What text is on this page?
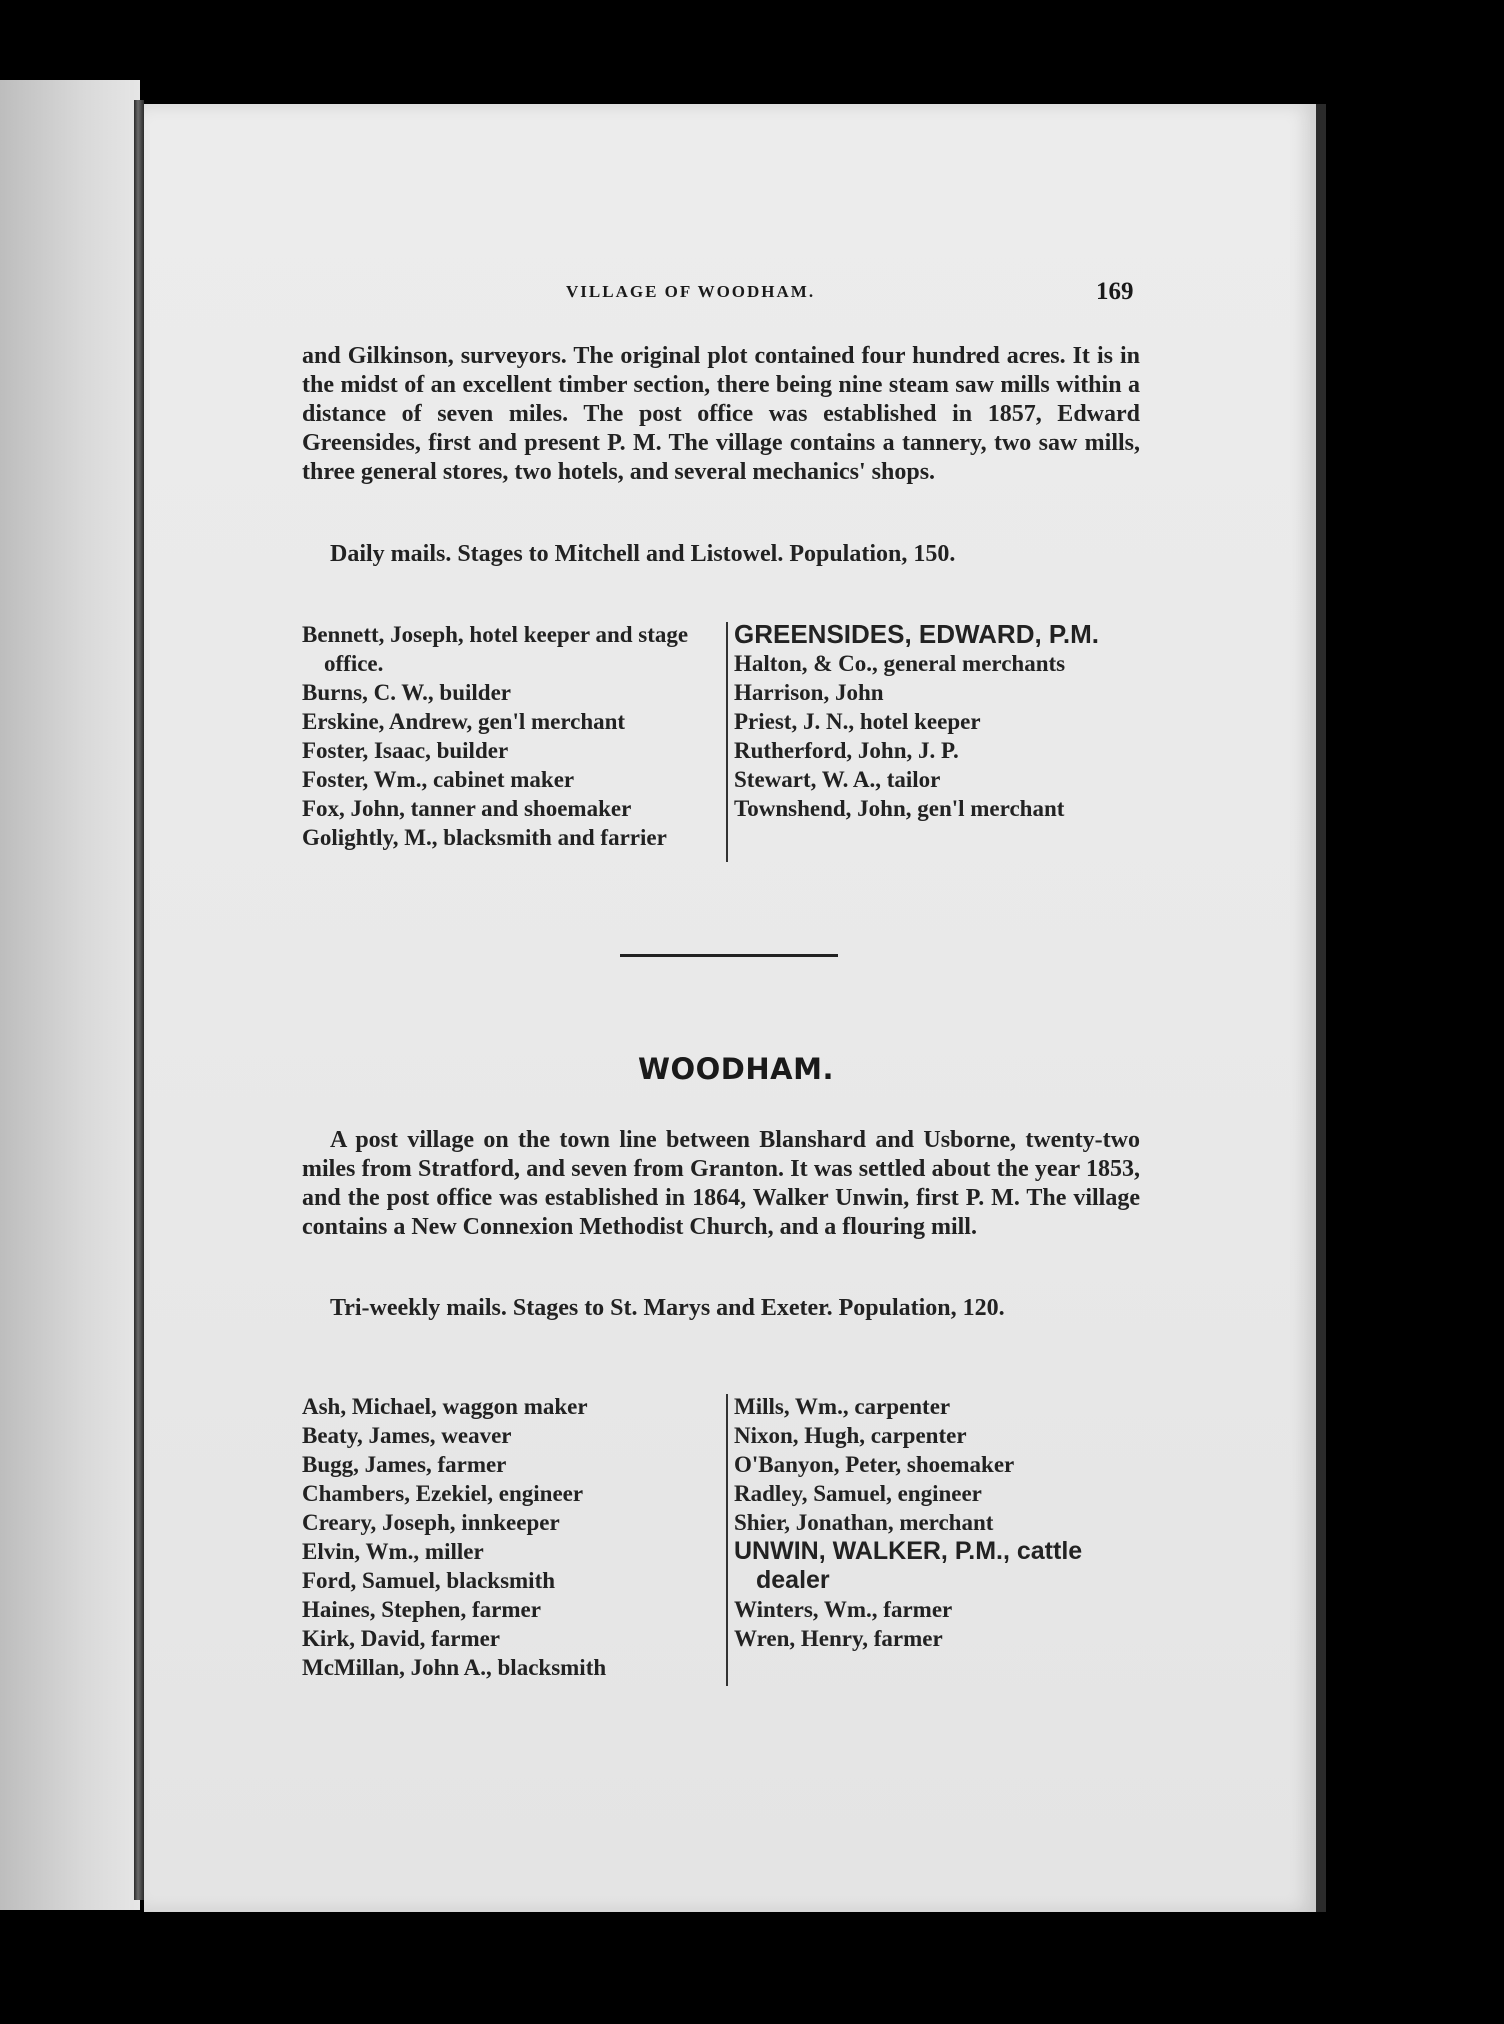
VILLAGE OF WOODHAM.	169

and Gilkinson, surveyors. The original plot contained four hundred acres. It is in the midst of an excellent timber section, there being nine steam saw mills within a distance of seven miles. The post office was established in 1857, Edward Greensides, first and present P. M. The village contains a tannery, two saw mills, three general stores, two hotels, and several mechanics' shops.

Daily mails. Stages to Mitchell and Listowel. Population, 150.

Bennett, Joseph, hotel keeper and stage office.
Burns, C. W., builder
Erskine, Andrew, gen'l merchant
Foster, Isaac, builder
Foster, Wm., cabinet maker
Fox, John, tanner and shoemaker
Golightly, M., blacksmith and farrier
GREENSIDES, EDWARD, P.M.
Halton, & Co., general merchants
Harrison, John
Priest, J. N., hotel keeper
Rutherford, John, J. P.
Stewart, W. A., tailor
Townshend, John, gen'l merchant
WOODHAM.

A post village on the town line between Blanshard and Usborne, twenty-two miles from Stratford, and seven from Granton. It was settled about the year 1853, and the post office was established in 1864, Walker Unwin, first P. M. The village contains a New Connexion Methodist Church, and a flouring mill.

Tri-weekly mails. Stages to St. Marys and Exeter. Population, 120.

Ash, Michael, waggon maker
Beaty, James, weaver
Bugg, James, farmer
Chambers, Ezekiel, engineer
Creary, Joseph, innkeeper
Elvin, Wm., miller
Ford, Samuel, blacksmith
Haines, Stephen, farmer
Kirk, David, farmer
McMillan, John A., blacksmith
Mills, Wm., carpenter
Nixon, Hugh, carpenter
O'Banyon, Peter, shoemaker
Radley, Samuel, engineer
Shier, Jonathan, merchant
UNWIN, WALKER, P.M., cattle dealer
Winters, Wm., farmer
Wren, Henry, farmer
